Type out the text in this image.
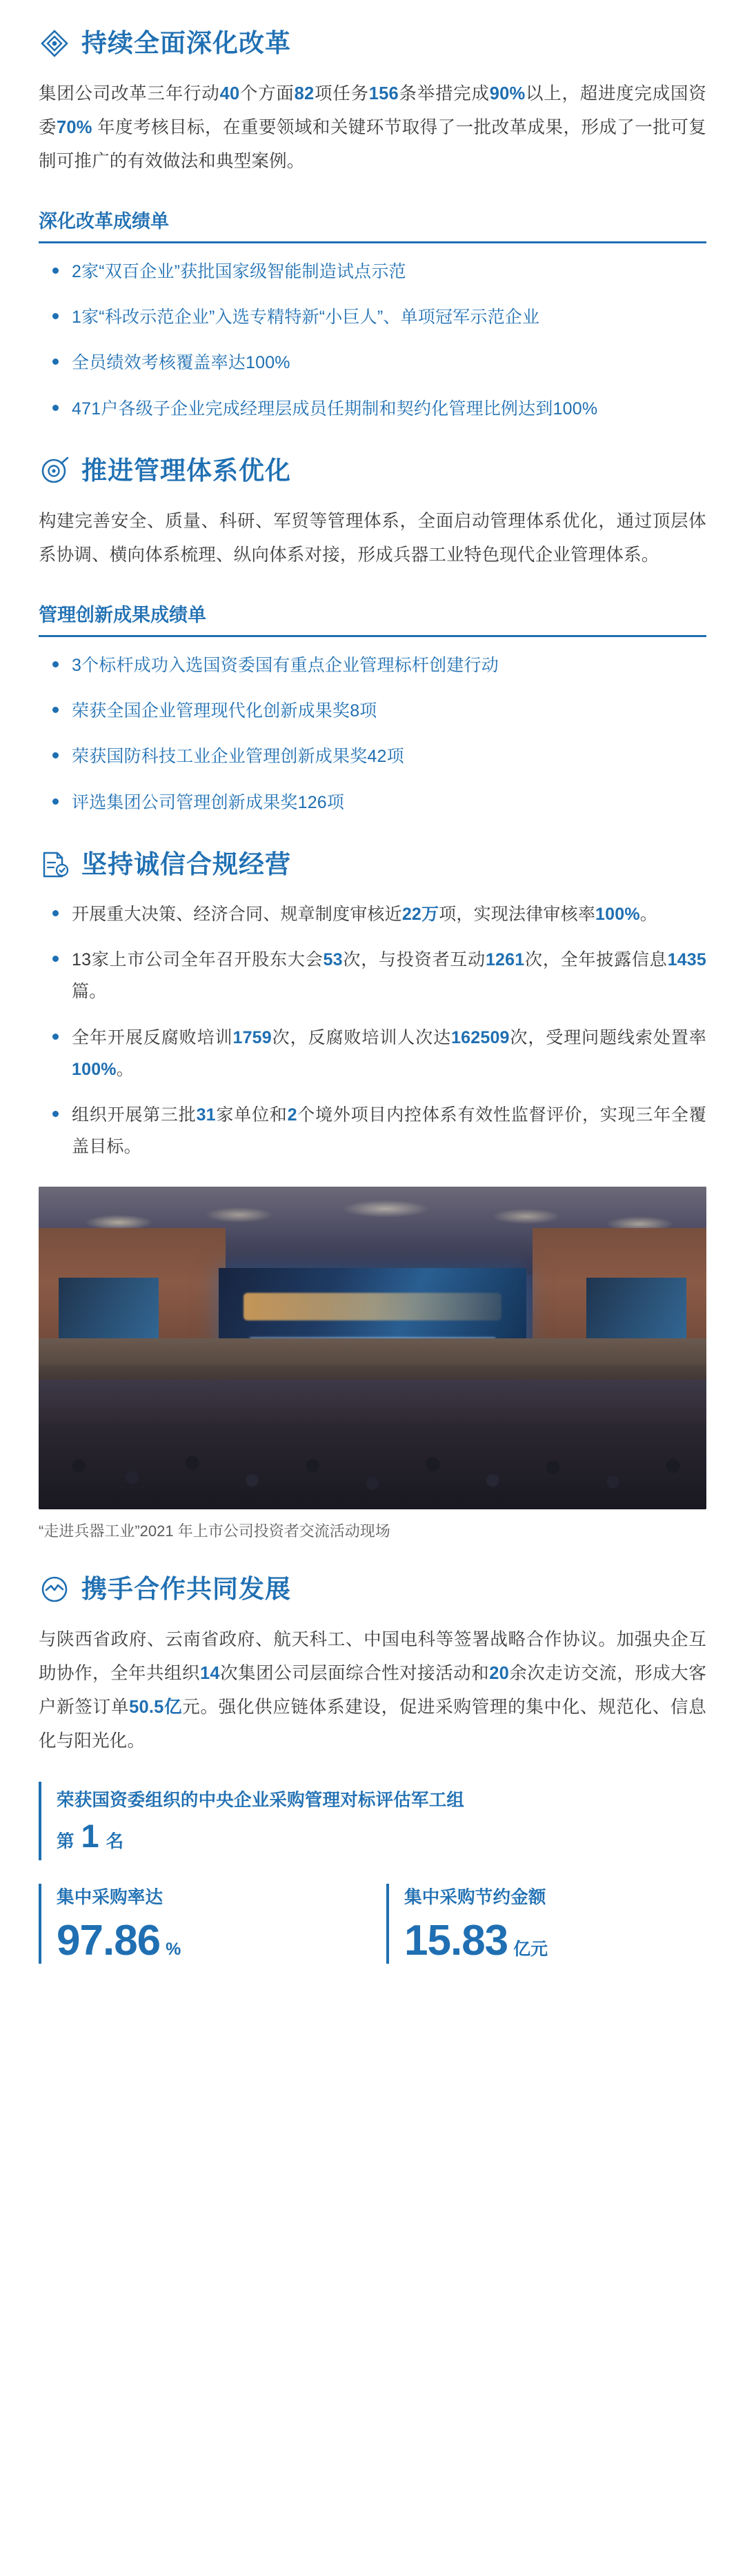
持续全面深化改革

集团公司改革三年行动40个方面82项任务156条举措完成90%以上，超进度完成国资委70% 年度考核目标，在重要领域和关键环节取得了一批改革成果，形成了一批可复制可推广的有效做法和典型案例。

深化改革成绩单
2家“双百企业”获批国家级智能制造试点示范
1家“科改示范企业”入选专精特新“小巨人”、单项冠军示范企业
全员绩效考核覆盖率达100%
471户各级子企业完成经理层成员任期制和契约化管理比例达到100%
推进管理体系优化

构建完善安全、质量、科研、军贸等管理体系，全面启动管理体系优化，通过顶层体系协调、横向体系梳理、纵向体系对接，形成兵器工业特色现代企业管理体系。

管理创新成果成绩单
3个标杆成功入选国资委国有重点企业管理标杆创建行动
荣获全国企业管理现代化创新成果奖8项
荣获国防科技工业企业管理创新成果奖42项
评选集团公司管理创新成果奖126项
坚持诚信合规经营
开展重大决策、经济合同、规章制度审核近22万项，实现法律审核率100%。
13家上市公司全年召开股东大会53次，与投资者互动1261次，全年披露信息1435篇。
全年开展反腐败培训1759次，反腐败培训人次达162509次，受理问题线索处置率100%。
组织开展第三批31家单位和2个境外项目内控体系有效性监督评价，实现三年全覆盖目标。
“走进兵器工业”2021 年上市公司投资者交流活动现场
携手合作共同发展

与陕西省政府、云南省政府、航天科工、中国电科等签署战略合作协议。加强央企互助协作，全年共组织14次集团公司层面综合性对接活动和20余次走访交流，形成大客户新签订单50.5亿元。强化供应链体系建设，促进采购管理的集中化、规范化、信息化与阳光化。

荣获国资委组织的中央企业采购管理对标评估军工组
第 1 名
集中采购率达
97.86 %
集中采购节约金额
15.83 亿元
